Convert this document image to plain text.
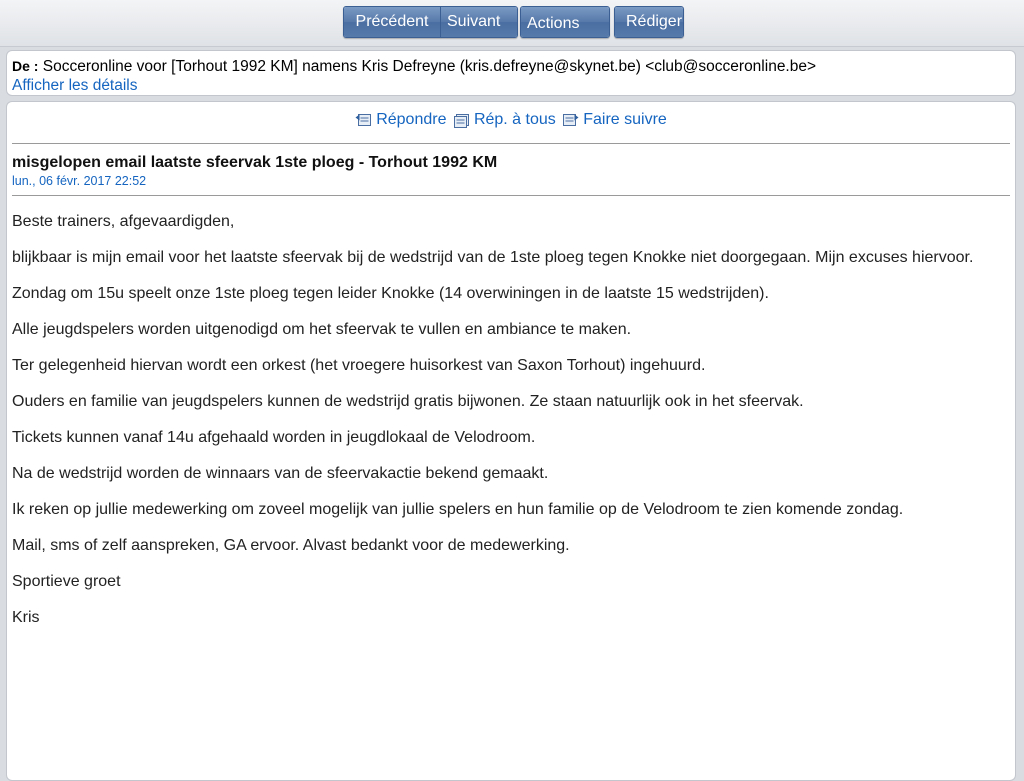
Précédent	Suivant	Actions	Rédiger
De : Socceronline voor [Torhout 1992 KM] namens Kris Defreyne (kris.defreyne@skynet.be) <club@socceronline.be>
Afficher les détails
Répondre
Rép. à tous
Faire suivre
misgelopen email laatste sfeervak 1ste ploeg - Torhout 1992 KM
lun., 06 févr. 2017 22:52

Beste trainers, afgevaardigden,

blijkbaar is mijn email voor het laatste sfeervak bij de wedstrijd van de 1ste ploeg tegen Knokke niet doorgegaan. Mijn excuses hiervoor.

Zondag om 15u speelt onze 1ste ploeg tegen leider Knokke (14 overwiningen in de laatste 15 wedstrijden).

Alle jeugdspelers worden uitgenodigd om het sfeervak te vullen en ambiance te maken.

Ter gelegenheid hiervan wordt een orkest (het vroegere huisorkest van Saxon Torhout) ingehuurd.

Ouders en familie van jeugdspelers kunnen de wedstrijd gratis bijwonen. Ze staan natuurlijk ook in het sfeervak.

Tickets kunnen vanaf 14u afgehaald worden in jeugdlokaal de Velodroom.

Na de wedstrijd worden de winnaars van de sfeervakactie bekend gemaakt.

Ik reken op jullie medewerking om zoveel mogelijk van jullie spelers en hun familie op de Velodroom te zien komende zondag.

Mail, sms of zelf aanspreken, GA ervoor. Alvast bedankt voor de medewerking.

Sportieve groet

Kris
